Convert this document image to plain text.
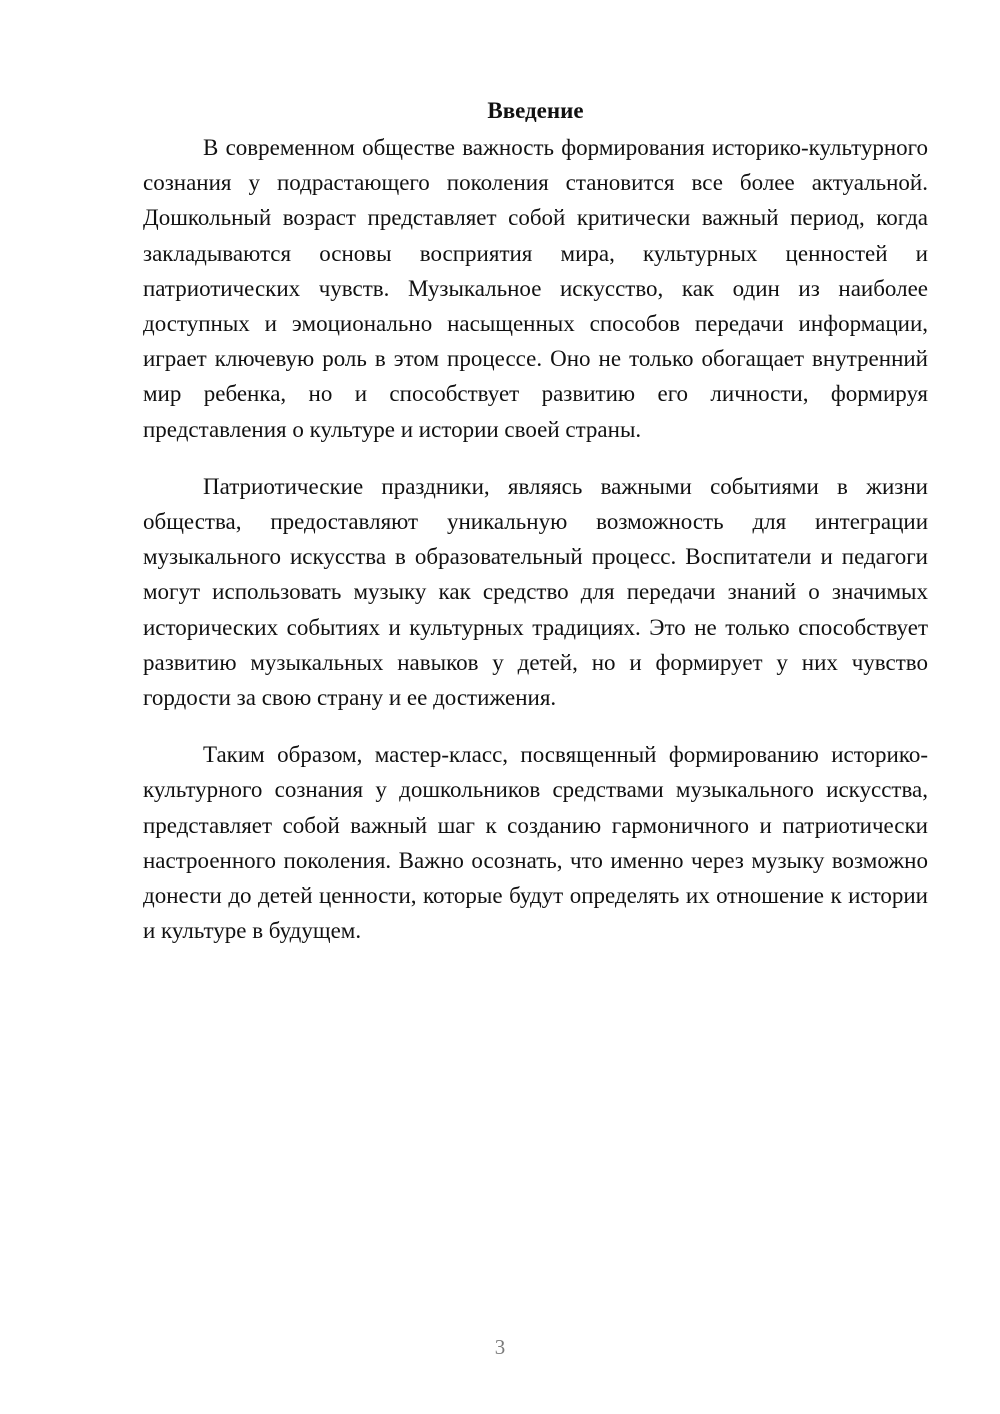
Введение

В современном обществе важность формирования историко-культурного сознания у подрастающего поколения становится все более актуальной. Дошкольный возраст представляет собой критически важный период, когда закладываются основы восприятия мира, культурных ценностей и патриотических чувств. Музыкальное искусство, как один из наиболее доступных и эмоционально насыщенных способов передачи информации, играет ключевую роль в этом процессе. Оно не только обогащает внутренний мир ребенка, но и способствует развитию его личности, формируя представления о культуре и истории своей страны.

Патриотические праздники, являясь важными событиями в жизни общества, предоставляют уникальную возможность для интеграции музыкального искусства в образовательный процесс. Воспитатели и педагоги могут использовать музыку как средство для передачи знаний о значимых исторических событиях и культурных традициях. Это не только способствует развитию музыкальных навыков у детей, но и формирует у них чувство гордости за свою страну и ее достижения.

Таким образом, мастер-класс, посвященный формированию историко-культурного сознания у дошкольников средствами музыкального искусства, представляет собой важный шаг к созданию гармоничного и патриотически настроенного поколения. Важно осознать, что именно через музыку возможно донести до детей ценности, которые будут определять их отношение к истории и культуре в будущем.

3
